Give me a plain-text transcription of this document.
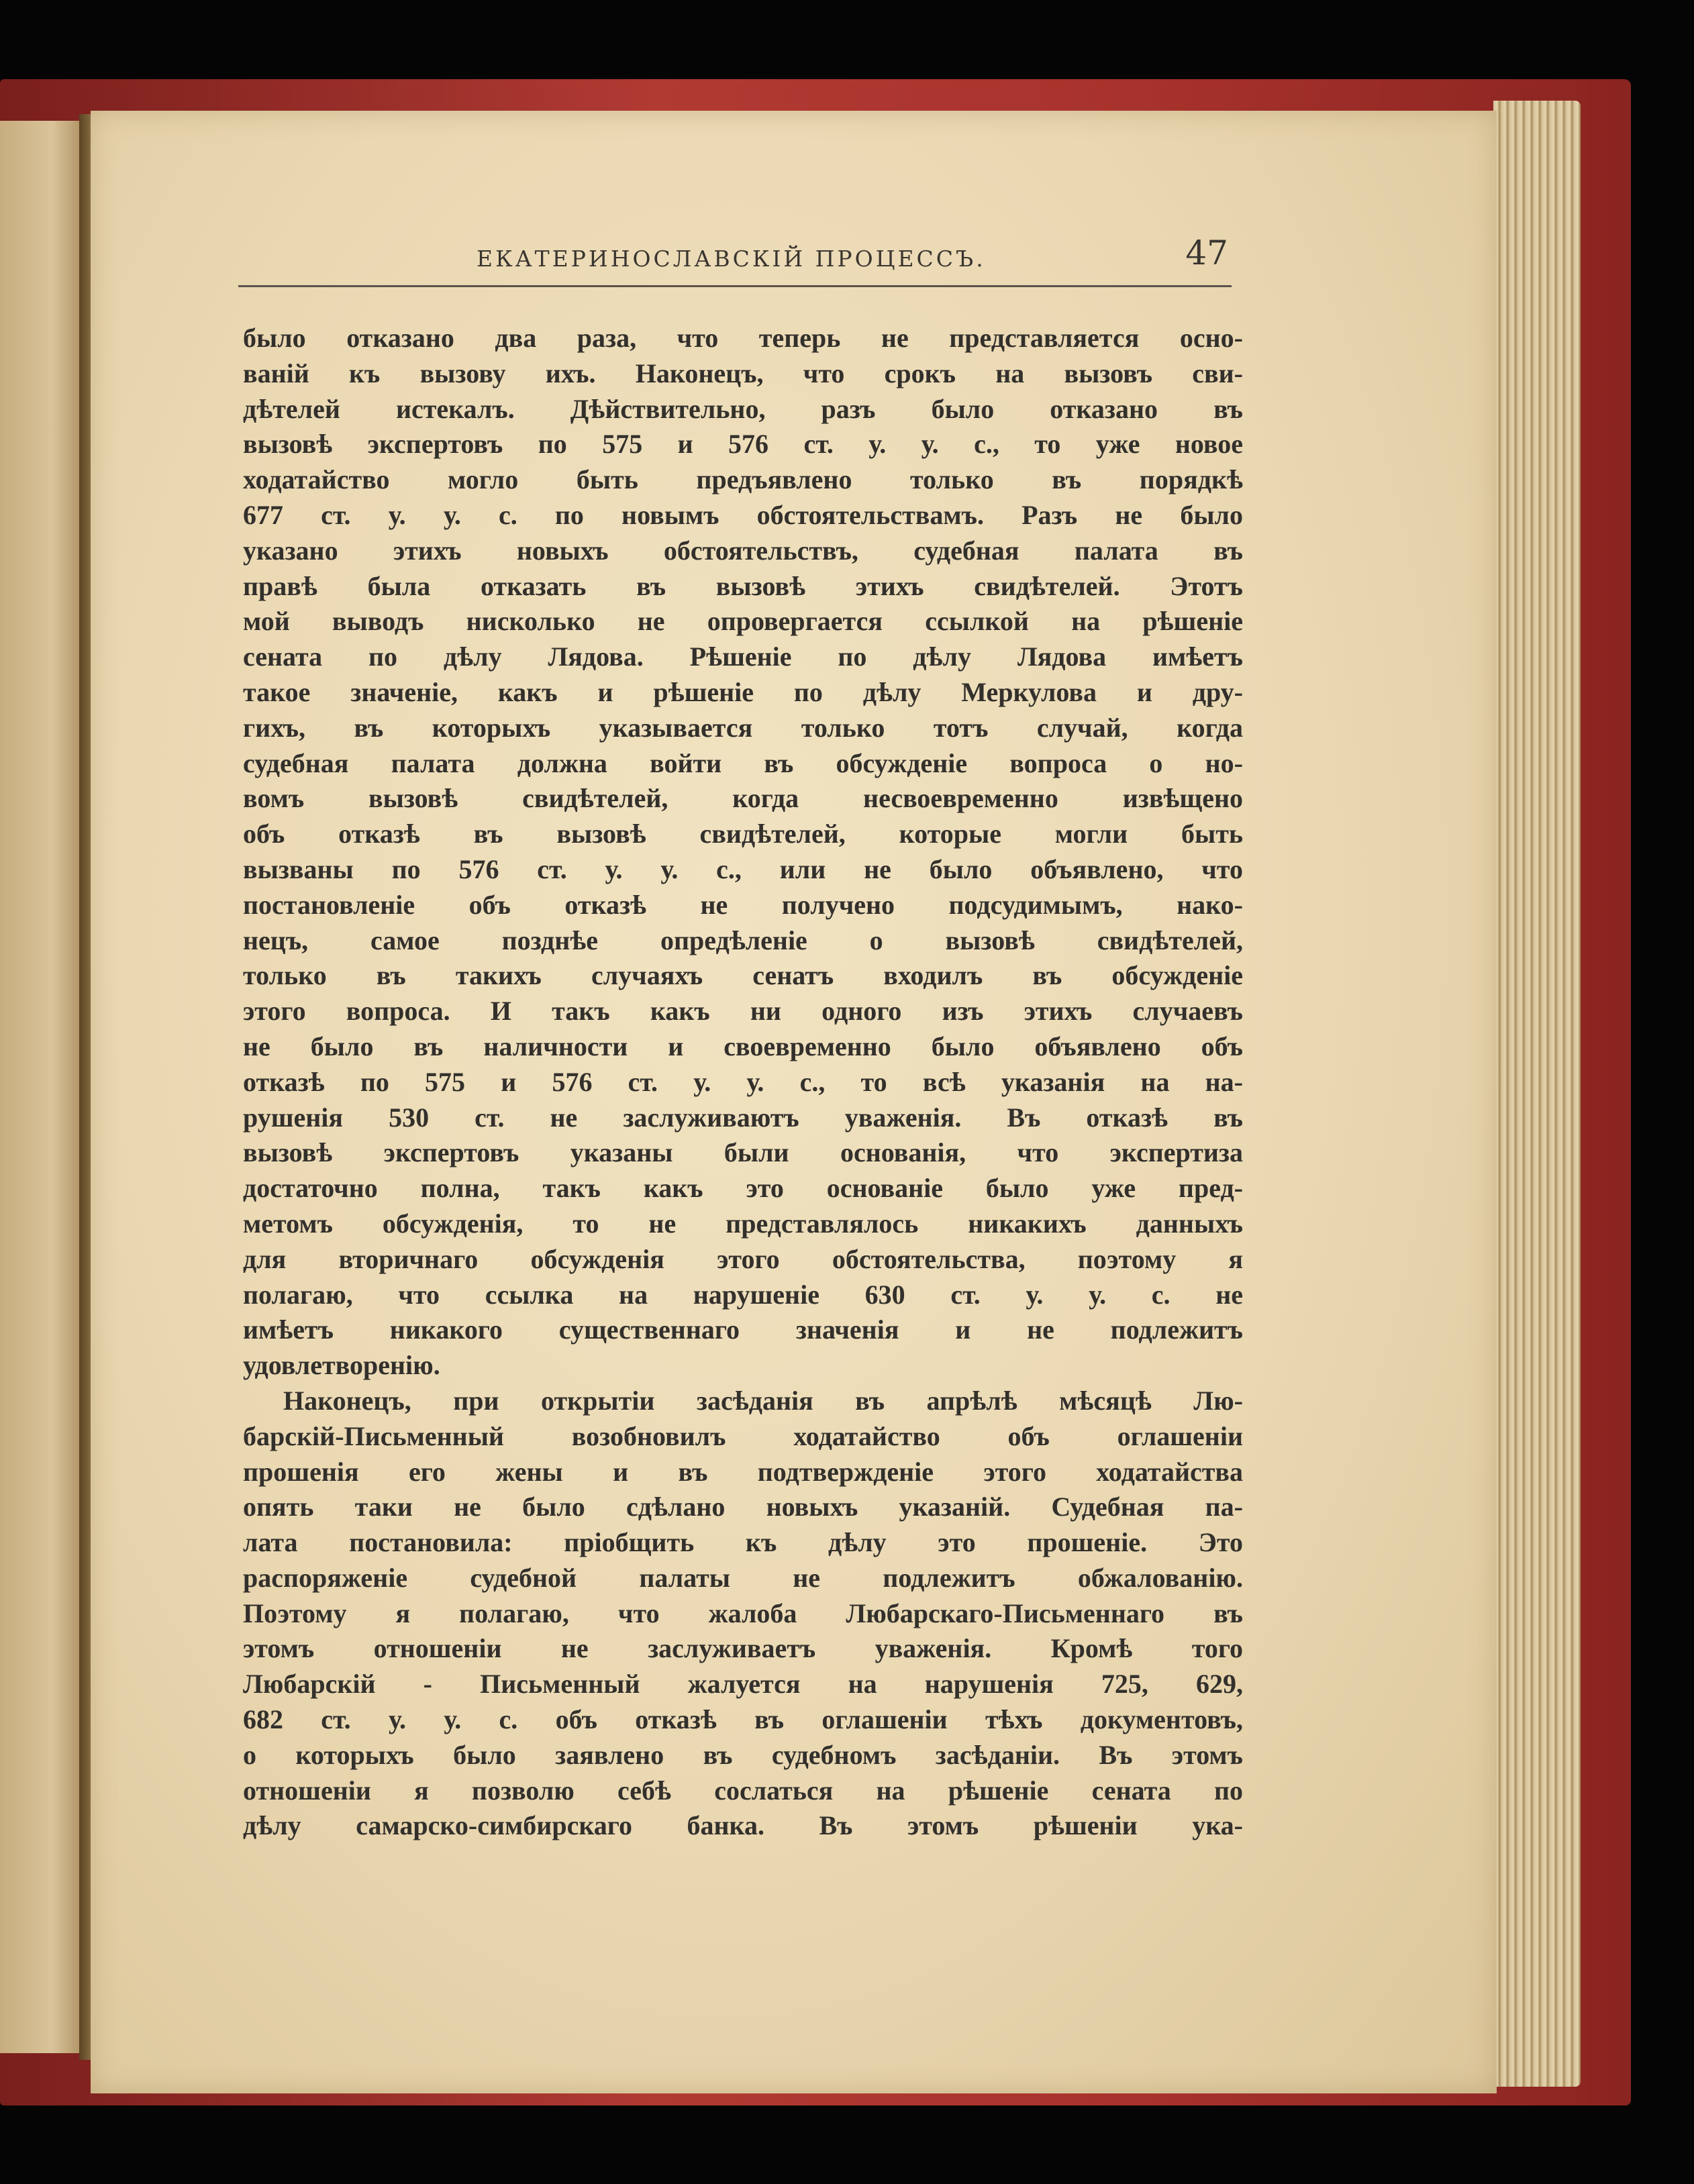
ЕКАТЕРИНОСЛАВСКІЙ ПРОЦЕССЪ.	47
было отказано два раза, что теперь не представляется осно-
ваній къ вызову ихъ. Наконецъ, что срокъ на вызовъ сви-
дѣтелей истекалъ. Дѣйствительно, разъ было отказано въ
вызовѣ экспертовъ по 575 и 576 ст. у. у. с., то уже новое
ходатайство могло быть предъявлено только въ порядкѣ
677 ст. у. у. с. по новымъ обстоятельствамъ. Разъ не было
указано этихъ новыхъ обстоятельствъ, судебная палата въ
правѣ была отказать въ вызовѣ этихъ свидѣтелей. Этотъ
мой выводъ нисколько не опровергается ссылкой на рѣшеніе
сената по дѣлу Лядова. Рѣшеніе по дѣлу Лядова имѣетъ
такое значеніе, какъ и рѣшеніе по дѣлу Меркулова и дру-
гихъ, въ которыхъ указывается только тотъ случай, когда
судебная палата должна войти въ обсужденіе вопроса о но-
вомъ вызовѣ свидѣтелей, когда несвоевременно извѣщено
объ отказѣ въ вызовѣ свидѣтелей, которые могли быть
вызваны по 576 ст. у. у. с., или не было объявлено, что
постановленіе объ отказѣ не получено подсудимымъ, нако-
нецъ, самое позднѣе опредѣленіе о вызовѣ свидѣтелей,
только въ такихъ случаяхъ сенатъ входилъ въ обсужденіе
этого вопроса. И такъ какъ ни одного изъ этихъ случаевъ
не было въ наличности и своевременно было объявлено объ
отказѣ по 575 и 576 ст. у. у. с., то всѣ указанія на на-
рушенія 530 ст. не заслуживаютъ уваженія. Въ отказѣ въ
вызовѣ экспертовъ указаны были основанія, что экспертиза
достаточно полна, такъ какъ это основаніе было уже пред-
метомъ обсужденія, то не представлялось никакихъ данныхъ
для вторичнаго обсужденія этого обстоятельства, поэтому я
полагаю, что ссылка на нарушеніе 630 ст. у. у. с. не
имѣетъ никакого существеннаго значенія и не подлежитъ
удовлетворенію.
Наконецъ, при открытіи засѣданія въ апрѣлѣ мѣсяцѣ Лю-
барскій-Письменный возобновилъ ходатайство объ оглашеніи
прошенія его жены и въ подтвержденіе этого ходатайства
опять таки не было сдѣлано новыхъ указаній. Судебная па-
лата постановила: пріобщить къ дѣлу это прошеніе. Это
распоряженіе судебной палаты не подлежитъ обжалованію.
Поэтому я полагаю, что жалоба Любарскаго-Письменнаго въ
этомъ отношеніи не заслуживаетъ уваженія. Кромѣ того
Любарскій - Письменный жалуется на нарушенія 725, 629,
682 ст. у. у. с. объ отказѣ въ оглашеніи тѣхъ документовъ,
о которыхъ было заявлено въ судебномъ засѣданіи. Въ этомъ
отношеніи я позволю себѣ сослаться на рѣшеніе сената по
дѣлу самарско-симбирскаго банка. Въ этомъ рѣшеніи ука-
